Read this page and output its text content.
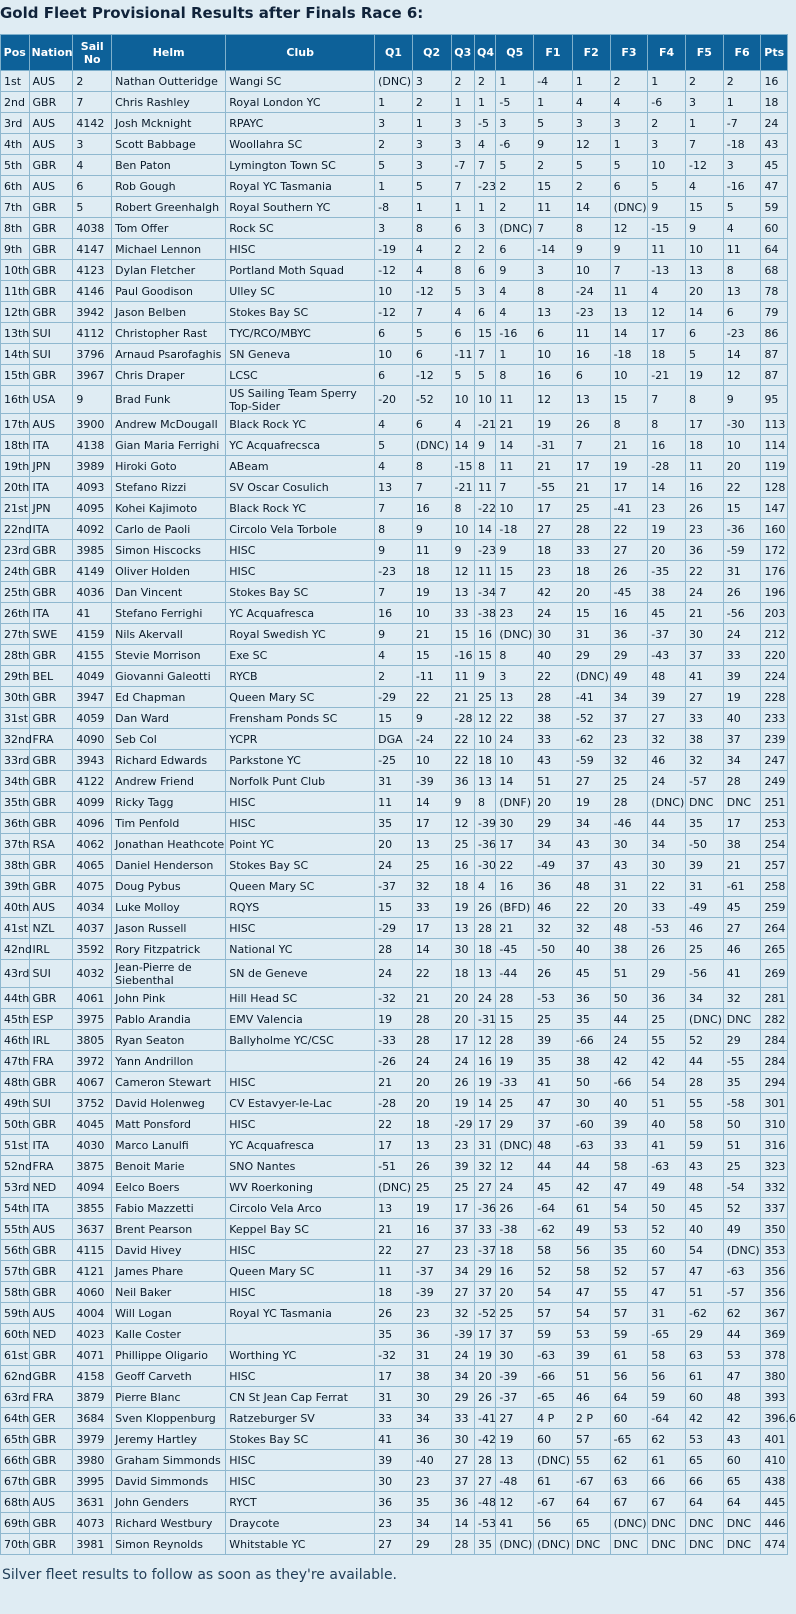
Gold Fleet Provisional Results after Finals Race 6:
Pos	Nation	Sail No	Helm	Club	Q1	Q2	Q3	Q4	Q5	F1	F2	F3	F4	F5	F6	Pts
1st	AUS	2	Nathan Outteridge	Wangi SC	(DNC)	3	2	2	1	-4	1	2	1	2	2	16
2nd	GBR	7	Chris Rashley	Royal London YC	1	2	1	1	-5	1	4	4	-6	3	1	18
3rd	AUS	4142	Josh Mcknight	RPAYC	3	1	3	-5	3	5	3	3	2	1	-7	24
4th	AUS	3	Scott Babbage	Woollahra SC	2	3	3	4	-6	9	12	1	3	7	-18	43
5th	GBR	4	Ben Paton	Lymington Town SC	5	3	-7	7	5	2	5	5	10	-12	3	45
6th	AUS	6	Rob Gough	Royal YC Tasmania	1	5	7	-23	2	15	2	6	5	4	-16	47
7th	GBR	5	Robert Greenhalgh	Royal Southern YC	-8	1	1	1	2	11	14	(DNC)	9	15	5	59
8th	GBR	4038	Tom Offer	Rock SC	3	8	6	3	(DNC)	7	8	12	-15	9	4	60
9th	GBR	4147	Michael Lennon	HISC	-19	4	2	2	6	-14	9	9	11	10	11	64
10th	GBR	4123	Dylan Fletcher	Portland Moth Squad	-12	4	8	6	9	3	10	7	-13	13	8	68
11th	GBR	4146	Paul Goodison	Ulley SC	10	-12	5	3	4	8	-24	11	4	20	13	78
12th	GBR	3942	Jason Belben	Stokes Bay SC	-12	7	4	6	4	13	-23	13	12	14	6	79
13th	SUI	4112	Christopher Rast	TYC/RCO/MBYC	6	5	6	15	-16	6	11	14	17	6	-23	86
14th	SUI	3796	Arnaud Psarofaghis	SN Geneva	10	6	-11	7	1	10	16	-18	18	5	14	87
15th	GBR	3967	Chris Draper	LCSC	6	-12	5	5	8	16	6	10	-21	19	12	87
16th	USA	9	Brad Funk	US Sailing Team Sperry Top-Sider	-20	-52	10	10	11	12	13	15	7	8	9	95
17th	AUS	3900	Andrew McDougall	Black Rock YC	4	6	4	-21	21	19	26	8	8	17	-30	113
18th	ITA	4138	Gian Maria Ferrighi	YC Acquafrecsca	5	(DNC)	14	9	14	-31	7	21	16	18	10	114
19th	JPN	3989	Hiroki Goto	ABeam	4	8	-15	8	11	21	17	19	-28	11	20	119
20th	ITA	4093	Stefano Rizzi	SV Oscar Cosulich	13	7	-21	11	7	-55	21	17	14	16	22	128
21st	JPN	4095	Kohei Kajimoto	Black Rock YC	7	16	8	-22	10	17	25	-41	23	26	15	147
22nd	ITA	4092	Carlo de Paoli	Circolo Vela Torbole	8	9	10	14	-18	27	28	22	19	23	-36	160
23rd	GBR	3985	Simon Hiscocks	HISC	9	11	9	-23	9	18	33	27	20	36	-59	172
24th	GBR	4149	Oliver Holden	HISC	-23	18	12	11	15	23	18	26	-35	22	31	176
25th	GBR	4036	Dan Vincent	Stokes Bay SC	7	19	13	-34	7	42	20	-45	38	24	26	196
26th	ITA	41	Stefano Ferrighi	YC Acquafresca	16	10	33	-38	23	24	15	16	45	21	-56	203
27th	SWE	4159	Nils Akervall	Royal Swedish YC	9	21	15	16	(DNC)	30	31	36	-37	30	24	212
28th	GBR	4155	Stevie Morrison	Exe SC	4	15	-16	15	8	40	29	29	-43	37	33	220
29th	BEL	4049	Giovanni Galeotti	RYCB	2	-11	11	9	3	22	(DNC)	49	48	41	39	224
30th	GBR	3947	Ed Chapman	Queen Mary SC	-29	22	21	25	13	28	-41	34	39	27	19	228
31st	GBR	4059	Dan Ward	Frensham Ponds SC	15	9	-28	12	22	38	-52	37	27	33	40	233
32nd	FRA	4090	Seb Col	YCPR	DGA	-24	22	10	24	33	-62	23	32	38	37	239
33rd	GBR	3943	Richard Edwards	Parkstone YC	-25	10	22	18	10	43	-59	32	46	32	34	247
34th	GBR	4122	Andrew Friend	Norfolk Punt Club	31	-39	36	13	14	51	27	25	24	-57	28	249
35th	GBR	4099	Ricky Tagg	HISC	11	14	9	8	(DNF)	20	19	28	(DNC)	DNC	DNC	251
36th	GBR	4096	Tim Penfold	HISC	35	17	12	-39	30	29	34	-46	44	35	17	253
37th	RSA	4062	Jonathan Heathcote	Point YC	20	13	25	-36	17	34	43	30	34	-50	38	254
38th	GBR	4065	Daniel Henderson	Stokes Bay SC	24	25	16	-30	22	-49	37	43	30	39	21	257
39th	GBR	4075	Doug Pybus	Queen Mary SC	-37	32	18	4	16	36	48	31	22	31	-61	258
40th	AUS	4034	Luke Molloy	RQYS	15	33	19	26	(BFD)	46	22	20	33	-49	45	259
41st	NZL	4037	Jason Russell	HISC	-29	17	13	28	21	32	32	48	-53	46	27	264
42nd	IRL	3592	Rory Fitzpatrick	National YC	28	14	30	18	-45	-50	40	38	26	25	46	265
43rd	SUI	4032	Jean-Pierre de Siebenthal	SN de Geneve	24	22	18	13	-44	26	45	51	29	-56	41	269
44th	GBR	4061	John Pink	Hill Head SC	-32	21	20	24	28	-53	36	50	36	34	32	281
45th	ESP	3975	Pablo Arandia	EMV Valencia	19	28	20	-31	15	25	35	44	25	(DNC)	DNC	282
46th	IRL	3805	Ryan Seaton	Ballyholme YC/CSC	-33	28	17	12	28	39	-66	24	55	52	29	284
47th	FRA	3972	Yann Andrillon		-26	24	24	16	19	35	38	42	42	44	-55	284
48th	GBR	4067	Cameron Stewart	HISC	21	20	26	19	-33	41	50	-66	54	28	35	294
49th	SUI	3752	David Holenweg	CV Estavyer-le-Lac	-28	20	19	14	25	47	30	40	51	55	-58	301
50th	GBR	4045	Matt Ponsford	HISC	22	18	-29	17	29	37	-60	39	40	58	50	310
51st	ITA	4030	Marco Lanulfi	YC Acquafresca	17	13	23	31	(DNC)	48	-63	33	41	59	51	316
52nd	FRA	3875	Benoit Marie	SNO Nantes	-51	26	39	32	12	44	44	58	-63	43	25	323
53rd	NED	4094	Eelco Boers	WV Roerkoning	(DNC)	25	25	27	24	45	42	47	49	48	-54	332
54th	ITA	3855	Fabio Mazzetti	Circolo Vela Arco	13	19	17	-36	26	-64	61	54	50	45	52	337
55th	AUS	3637	Brent Pearson	Keppel Bay SC	21	16	37	33	-38	-62	49	53	52	40	49	350
56th	GBR	4115	David Hivey	HISC	22	27	23	-37	18	58	56	35	60	54	(DNC)	353
57th	GBR	4121	James Phare	Queen Mary SC	11	-37	34	29	16	52	58	52	57	47	-63	356
58th	GBR	4060	Neil Baker	HISC	18	-39	27	37	20	54	47	55	47	51	-57	356
59th	AUS	4004	Will Logan	Royal YC Tasmania	26	23	32	-52	25	57	54	57	31	-62	62	367
60th	NED	4023	Kalle Coster		35	36	-39	17	37	59	53	59	-65	29	44	369
61st	GBR	4071	Phillippe Oligario	Worthing YC	-32	31	24	19	30	-63	39	61	58	63	53	378
62nd	GBR	4158	Geoff Carveth	HISC	17	38	34	20	-39	-66	51	56	56	61	47	380
63rd	FRA	3879	Pierre Blanc	CN St Jean Cap Ferrat	31	30	29	26	-37	-65	46	64	59	60	48	393
64th	GER	3684	Sven Kloppenburg	Ratzeburger SV	33	34	33	-41	27	4 P	2 P	60	-64	42	42	396.6
65th	GBR	3979	Jeremy Hartley	Stokes Bay SC	41	36	30	-42	19	60	57	-65	62	53	43	401
66th	GBR	3980	Graham Simmonds	HISC	39	-40	27	28	13	(DNC)	55	62	61	65	60	410
67th	GBR	3995	David Simmonds	HISC	30	23	37	27	-48	61	-67	63	66	66	65	438
68th	AUS	3631	John Genders	RYCT	36	35	36	-48	12	-67	64	67	67	64	64	445
69th	GBR	4073	Richard Westbury	Draycote	23	34	14	-53	41	56	65	(DNC)	DNC	DNC	DNC	446
70th	GBR	3981	Simon Reynolds	Whitstable YC	27	29	28	35	(DNC)	(DNC)	DNC	DNC	DNC	DNC	DNC	474
Silver fleet results to follow as soon as they're available.
